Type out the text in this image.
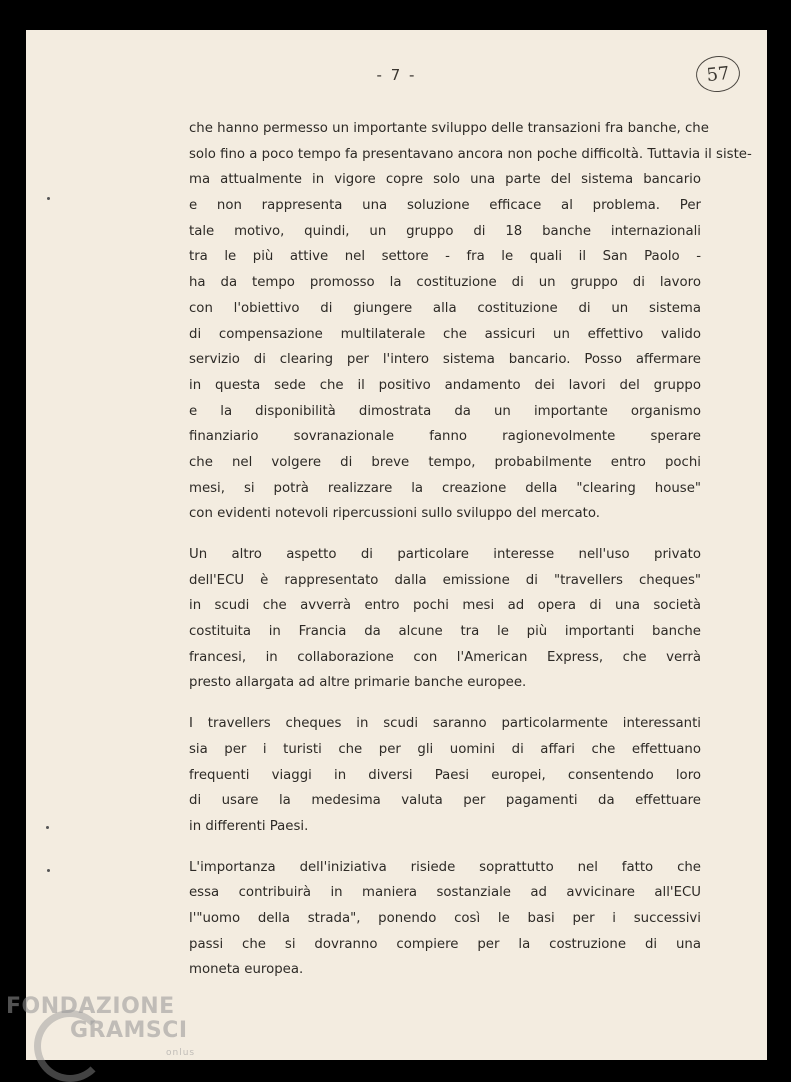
- 7 -	57
che hanno permesso un importante sviluppo delle transazioni fra banche, che
solo fino a poco tempo fa presentavano ancora non poche difficoltà. Tuttavia il siste-
ma attualmente in vigore copre solo una parte del sistema bancario
e non rappresenta una soluzione efficace al problema. Per
tale motivo, quindi, un gruppo di 18 banche internazionali
tra le più attive nel settore - fra le quali il San Paolo -
ha da tempo promosso la costituzione di un gruppo di lavoro
con l'obiettivo di giungere alla costituzione di un sistema
di compensazione multilaterale che assicuri un effettivo valido
servizio di clearing per l'intero sistema bancario. Posso affermare
in questa sede che il positivo andamento dei lavori del gruppo
e la disponibilità dimostrata da un importante organismo
finanziario sovranazionale fanno ragionevolmente sperare
che nel volgere di breve tempo, probabilmente entro pochi
mesi, si potrà realizzare la creazione della "clearing house"
con evidenti notevoli ripercussioni sullo sviluppo del mercato.
Un altro aspetto di particolare interesse nell'uso privato
dell'ECU è rappresentato dalla emissione di "travellers cheques"
in scudi che avverrà entro pochi mesi ad opera di una società
costituita in Francia da alcune tra le più importanti banche
francesi, in collaborazione con l'American Express, che verrà
presto allargata ad altre primarie banche europee.
I travellers cheques in scudi saranno particolarmente interessanti
sia per i turisti che per gli uomini di affari che effettuano
frequenti viaggi in diversi Paesi europei, consentendo loro
di usare la medesima valuta per pagamenti da effettuare
in differenti Paesi.
L'importanza dell'iniziativa risiede soprattutto nel fatto che
essa contribuirà in maniera sostanziale ad avvicinare all'ECU
l'"uomo della strada", ponendo così le basi per i successivi
passi che si dovranno compiere per la costruzione di una
moneta europea.
FONDAZIONE
GRAMSCI
onlus
